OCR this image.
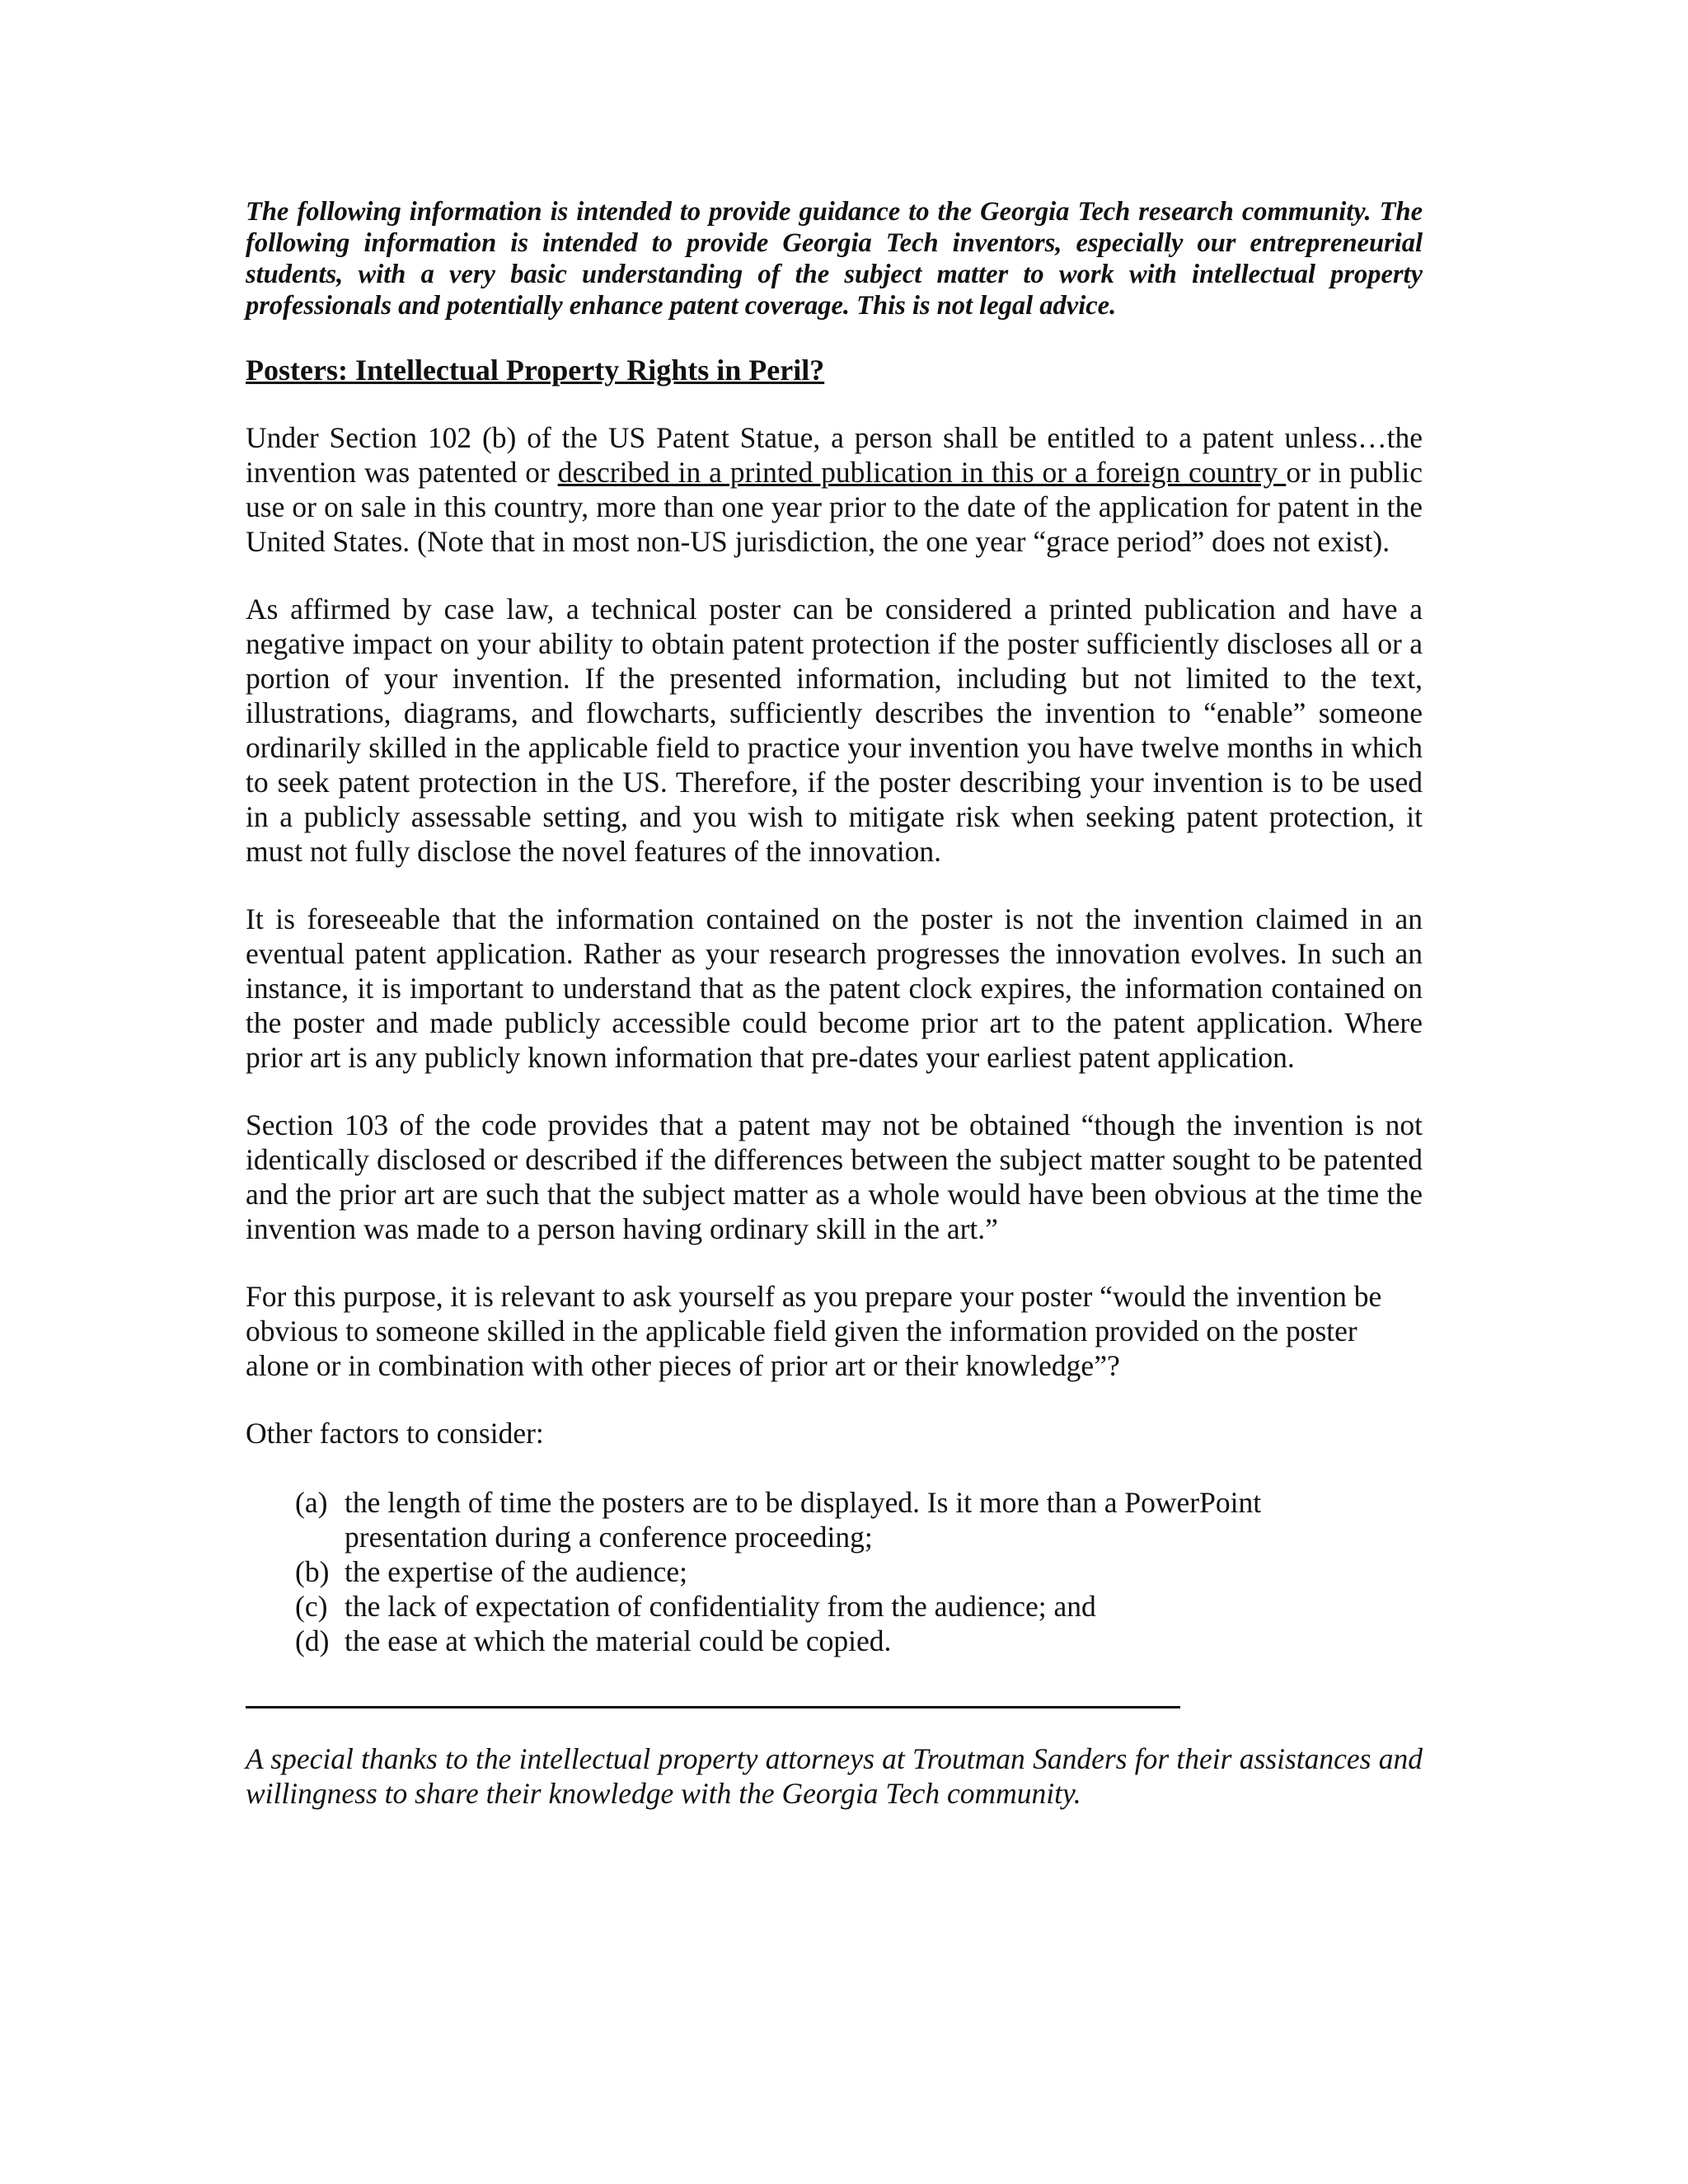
The following information is intended to provide guidance to the Georgia Tech research community. The following information is intended to provide Georgia Tech inventors, especially our entrepreneurial students, with a very basic understanding of the subject matter to work with intellectual property professionals and potentially enhance patent coverage. This is not legal advice.

Posters: Intellectual Property Rights in Peril?

Under Section 102 (b) of the US Patent Statue, a person shall be entitled to a patent unless…the invention was patented or described in a printed publication in this or a foreign country or in public use or on sale in this country, more than one year prior to the date of the application for patent in the United States. (Note that in most non-US jurisdiction, the one year “grace period” does not exist).

As affirmed by case law, a technical poster can be considered a printed publication and have a negative impact on your ability to obtain patent protection if the poster sufficiently discloses all or a portion of your invention. If the presented information, including but not limited to the text, illustrations, diagrams, and flowcharts, sufficiently describes the invention to “enable” someone ordinarily skilled in the applicable field to practice your invention you have twelve months in which to seek patent protection in the US. Therefore, if the poster describing your invention is to be used in a publicly assessable setting, and you wish to mitigate risk when seeking patent protection, it must not fully disclose the novel features of the innovation.

It is foreseeable that the information contained on the poster is not the invention claimed in an eventual patent application. Rather as your research progresses the innovation evolves. In such an instance, it is important to understand that as the patent clock expires, the information contained on the poster and made publicly accessible could become prior art to the patent application. Where prior art is any publicly known information that pre-dates your earliest patent application.

Section 103 of the code provides that a patent may not be obtained “though the invention is not identically disclosed or described if the differences between the subject matter sought to be patented and the prior art are such that the subject matter as a whole would have been obvious at the time the invention was made to a person having ordinary skill in the art.”

For this purpose, it is relevant to ask yourself as you prepare your poster “would the invention be obvious to someone skilled in the applicable field given the information provided on the poster alone or in combination with other pieces of prior art or their knowledge”?

Other factors to consider:

(a) the length of time the posters are to be displayed. Is it more than a PowerPoint presentation during a conference proceeding;
(b) the expertise of the audience;
(c) the lack of expectation of confidentiality from the audience; and
(d) the ease at which the material could be copied.

A special thanks to the intellectual property attorneys at Troutman Sanders for their assistances and willingness to share their knowledge with the Georgia Tech community.
